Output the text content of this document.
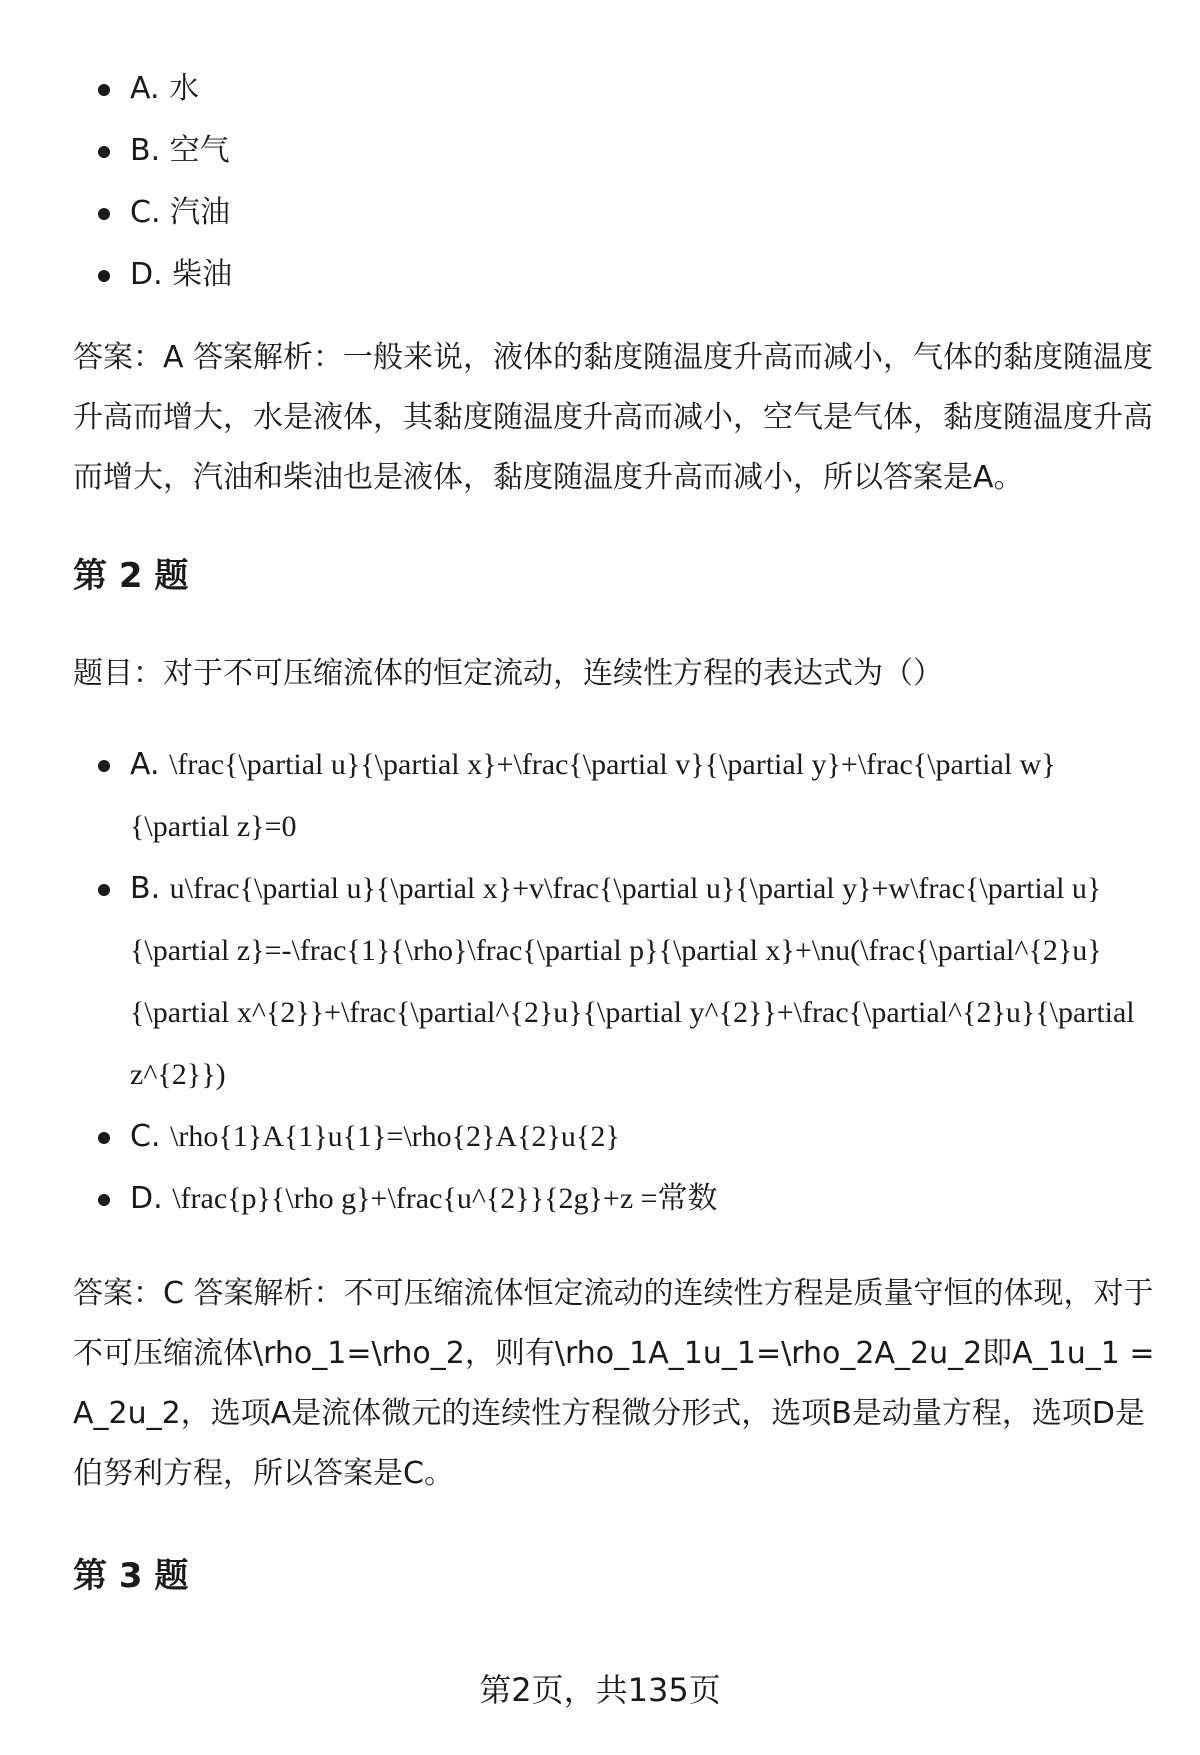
A. 水
B. 空气
C. 汽油
D. 柴油

答案：A 答案解析：一般来说，液体的黏度随温度升高而减小，气体的黏度随温度升高而增大，水是液体，其黏度随温度升高而减小，空气是气体，黏度随温度升高而增大，汽油和柴油也是液体，黏度随温度升高而减小，所以答案是A。

第 2 题

题目：对于不可压缩流体的恒定流动，连续性方程的表达式为（）

A. \frac{\partial u}{\partial x}+\frac{\partial v}{\partial y}+\frac{\partial w}{\partial z}=0
B. u\frac{\partial u}{\partial x}+v\frac{\partial u}{\partial y}+w\frac{\partial u}{\partial z}=-\frac{1}{\rho}\frac{\partial p}{\partial x}+\nu(\frac{\partial^{2}u}{\partial x^{2}}+\frac{\partial^{2}u}{\partial y^{2}}+\frac{\partial^{2}u}{\partial z^{2}})
C. \rho{1}A{1}u{1}=\rho{2}A{2}u{2}
D. \frac{p}{\rho g}+\frac{u^{2}}{2g}+z =常数

答案：C 答案解析：不可压缩流体恒定流动的连续性方程是质量守恒的体现，对于不可压缩流体\rho_1=\rho_2，则有\rho_1A_1u_1=\rho_2A_2u_2即A_1u_1 = A_2u_2，选项A是流体微元的连续性方程微分形式，选项B是动量方程，选项D是伯努利方程，所以答案是C。

第 3 题
第2页，共135页
